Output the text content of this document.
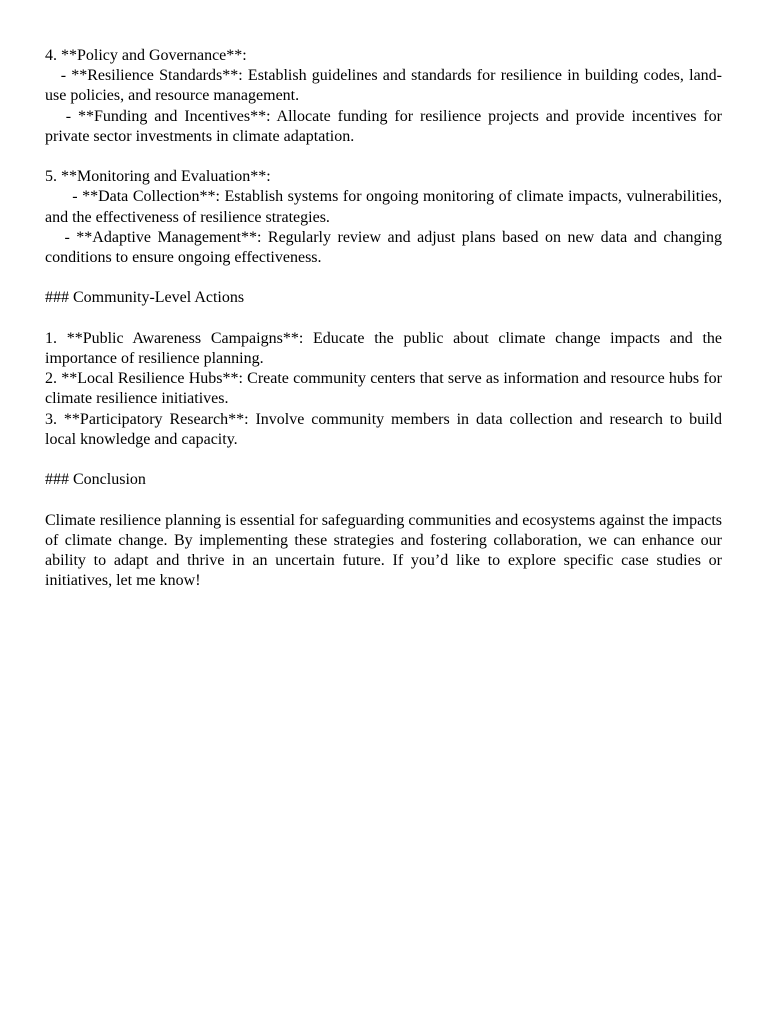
4. **Policy and Governance**:
- **Resilience Standards**: Establish guidelines and standards for resilience in building codes, land-use policies, and resource management.
- **Funding and Incentives**: Allocate funding for resilience projects and provide incentives for private sector investments in climate adaptation.
5. **Monitoring and Evaluation**:
- **Data Collection**: Establish systems for ongoing monitoring of climate impacts, vulnerabilities, and the effectiveness of resilience strategies.
- **Adaptive Management**: Regularly review and adjust plans based on new data and changing conditions to ensure ongoing effectiveness.
### Community-Level Actions
1. **Public Awareness Campaigns**: Educate the public about climate change impacts and the importance of resilience planning.
2. **Local Resilience Hubs**: Create community centers that serve as information and resource hubs for climate resilience initiatives.
3. **Participatory Research**: Involve community members in data collection and research to build local knowledge and capacity.
### Conclusion
Climate resilience planning is essential for safeguarding communities and ecosystems against the impacts of climate change. By implementing these strategies and fostering collaboration, we can enhance our ability to adapt and thrive in an uncertain future. If you’d like to explore specific case studies or initiatives, let me know!
